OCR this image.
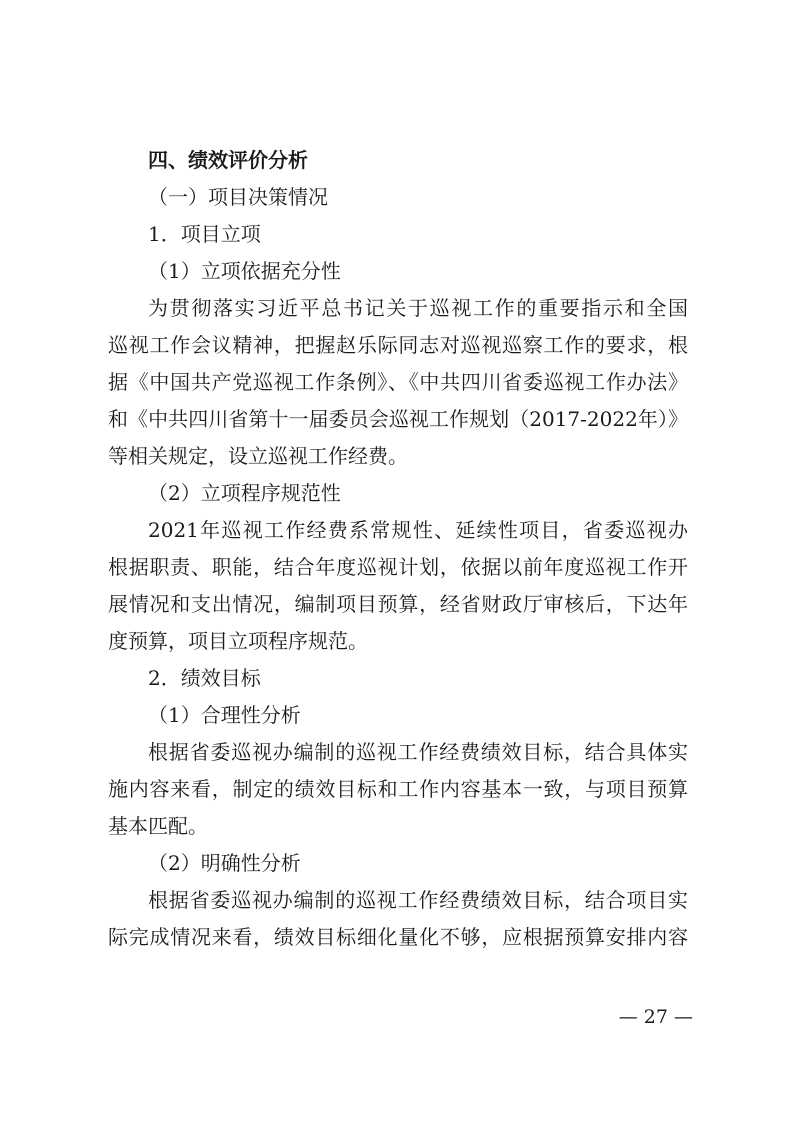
四、绩效评价分析
（一）项目决策情况
1．项目立项
（1）立项依据充分性
为贯彻落实习近平总书记关于巡视工作的重要指示和全国
巡视工作会议精神，把握赵乐际同志对巡视巡察工作的要求，根
据《中国共产党巡视工作条例》、《中共四川省委巡视工作办法》
和《中共四川省第十一届委员会巡视工作规划（2017-2022年）》
等相关规定，设立巡视工作经费。
（2）立项程序规范性
2021年巡视工作经费系常规性、延续性项目，省委巡视办
根据职责、职能，结合年度巡视计划，依据以前年度巡视工作开
展情况和支出情况，编制项目预算，经省财政厅审核后，下达年
度预算，项目立项程序规范。
2．绩效目标
（1）合理性分析
根据省委巡视办编制的巡视工作经费绩效目标，结合具体实
施内容来看，制定的绩效目标和工作内容基本一致，与项目预算
基本匹配。
（2）明确性分析
根据省委巡视办编制的巡视工作经费绩效目标，结合项目实
际完成情况来看，绩效目标细化量化不够，应根据预算安排内容
— 27 —
